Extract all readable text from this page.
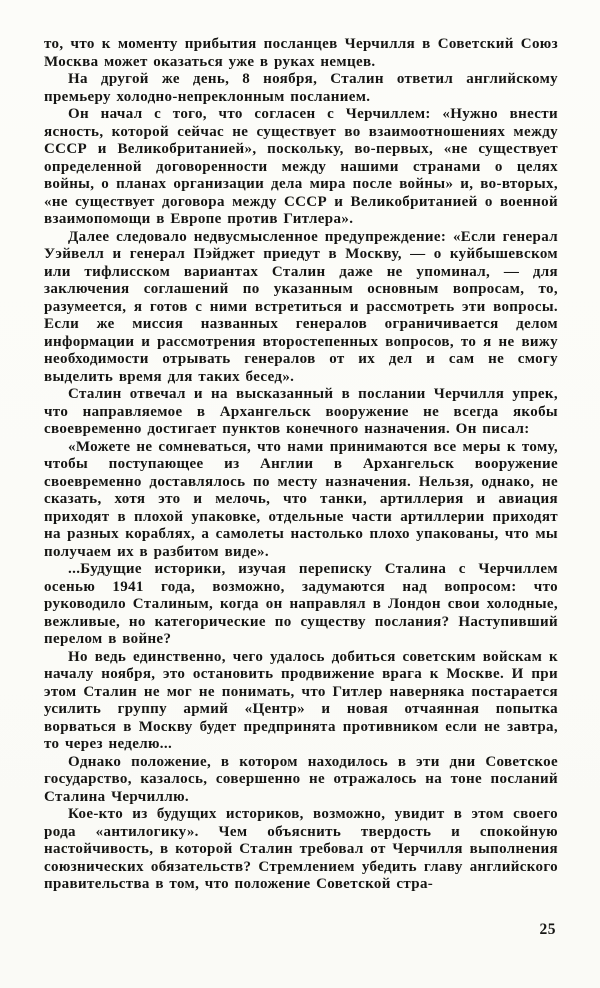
то, что к моменту прибытия посланцев Черчилля в Советский Союз Москва может оказаться уже в руках немцев.

На другой же день, 8 ноября, Сталин ответил английскому премьеру холодно-непреклонным посланием.

Он начал с того, что согласен с Черчиллем: «Нужно внести ясность, которой сейчас не существует во взаимоотношениях между СССР и Великобританией», поскольку, во-первых, «не существует определенной договоренности между нашими странами о целях войны, о планах организации дела мира после войны» и, во-вторых, «не существует договора между СССР и Великобританией о военной взаимопомощи в Европе против Гитлера».

Далее следовало недвусмысленное предупреждение: «Если генерал Уэйвелл и генерал Пэйджет приедут в Москву, — о куйбышевском или тифлисском вариантах Сталин даже не упоминал, — для заключения соглашений по указанным основным вопросам, то, разумеется, я готов с ними встретиться и рассмотреть эти вопросы. Если же миссия названных генералов ограничивается делом информации и рассмотрения второстепенных вопросов, то я не вижу необходимости отрывать генералов от их дел и сам не смогу выделить время для таких бесед».

Сталин отвечал и на высказанный в послании Черчилля упрек, что направляемое в Архангельск вооружение не всегда якобы своевременно достигает пунктов конечного назначения. Он писал:

«Можете не сомневаться, что нами принимаются все меры к тому, чтобы поступающее из Англии в Архангельск вооружение своевременно доставлялось по месту назначения. Нельзя, однако, не сказать, хотя это и мелочь, что танки, артиллерия и авиация приходят в плохой упаковке, отдельные части артиллерии приходят на разных кораблях, а самолеты настолько плохо упакованы, что мы получаем их в разбитом виде».

...Будущие историки, изучая переписку Сталина с Черчиллем осенью 1941 года, возможно, задумаются над вопросом: что руководило Сталиным, когда он направлял в Лондон свои холодные, вежливые, но категорические по существу послания? Наступивший перелом в войне?

Но ведь единственно, чего удалось добиться советским войскам к началу ноября, это остановить продвижение врага к Москве. И при этом Сталин не мог не понимать, что Гитлер наверняка постарается усилить группу армий «Центр» и новая отчаянная попытка ворваться в Москву будет предпринята противником если не завтра, то через неделю...

Однако положение, в котором находилось в эти дни Советское государство, казалось, совершенно не отражалось на тоне посланий Сталина Черчиллю.

Кое-кто из будущих историков, возможно, увидит в этом своего рода «антилогику». Чем объяснить твердость и спокойную настойчивость, в которой Сталин требовал от Черчилля выполнения союзнических обязательств? Стремлением убедить главу английского правительства в том, что положение Советской стра-

25
